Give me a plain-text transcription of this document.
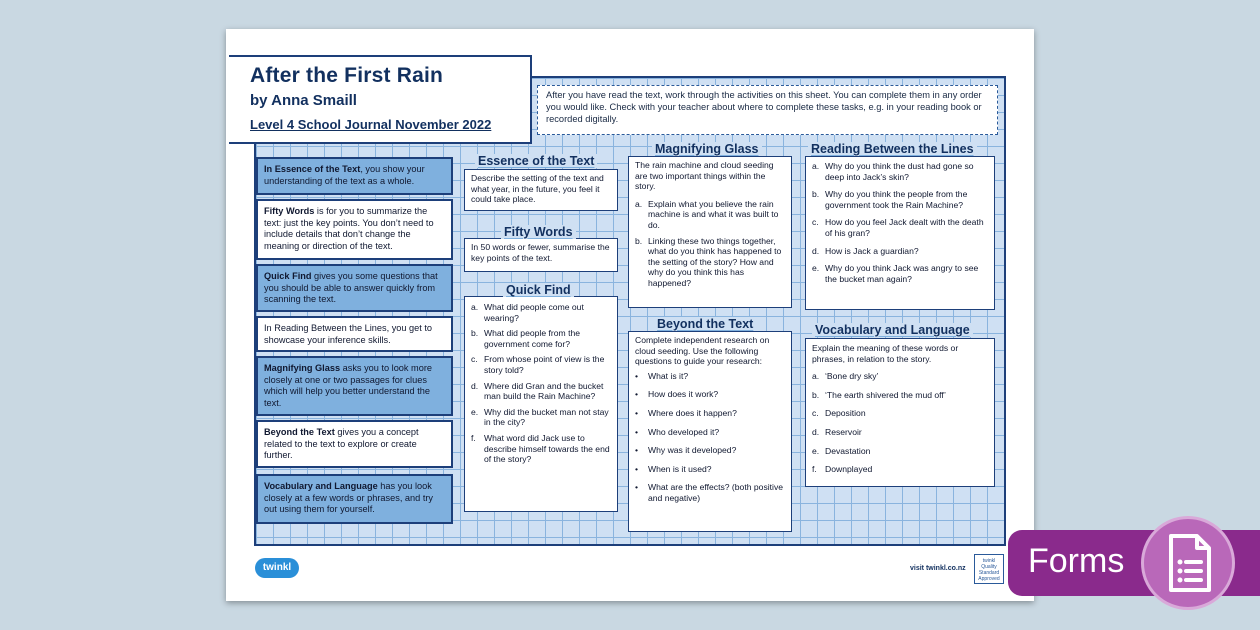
After the First Rain
by Anna Smaill
Level 4 School Journal November 2022
After you have read the text, work through the activities on this sheet. You can complete them in any order you would like. Check with your teacher about where to complete these tasks, e.g. in your reading book or recorded digitally.
In Essence of the Text, you show your understanding of the text as a whole.
Fifty Words is for you to summarize the text: just the key points. You don’t need to include details that don’t change the meaning or direction of the text.
Quick Find gives you some questions that you should be able to answer quickly from scanning the text.
In Reading Between the Lines, you get to showcase your inference skills.
Magnifying Glass asks you to look more closely at one or two passages for clues which will help you better understand the text.
Beyond the Text gives you a concept related to the text to explore or create further.
Vocabulary and Language has you look closely at a few words or phrases, and try out using them for yourself.
Describe the setting of the text and what year, in the future, you feel it could take place.
Essence of the Text
In 50 words or fewer, summarise the key points of the text.
Fifty Words
a. What did people come out wearing?
b. What did people from the government come for?
c. From whose point of view is the story told?
d. Where did Gran and the bucket man build the Rain Machine?
e. Why did the bucket man not stay in the city?
f. What word did Jack use to describe himself towards the end of the story?
Quick Find
The rain machine and cloud seeding are two important things within the story.
a. Explain what you believe the rain machine is and what it was built to do.
b. Linking these two things together, what do you think has happened to the setting of the story? How and why do you think this has happened?
Magnifying Glass
Complete independent research on cloud seeding. Use the following questions to guide your research:
•	What is it?
•	How does it work?
•	Where does it happen?
•	Who developed it?
•	Why was it developed?
•	When is it used?
•	What are the effects? (both positive and negative)
Beyond the Text
a. Why do you think the dust had gone so deep into Jack’s skin?
b. Why do you think the people from the government took the Rain Machine?
c. How do you feel Jack dealt with the death of his gran?
d. How is Jack a guardian?
e. Why do you think Jack was angry to see the bucket man again?
Reading Between the Lines
Explain the meaning of these words or phrases, in relation to the story.
a. ‘Bone dry sky’
b. ‘The earth shivered the mud off’
c. Deposition
d. Reservoir
e. Devastation
f. Downplayed
Vocabulary and Language
twinkl	visit twinkl.co.nz
twinkl Quality Standard Approved Forms
